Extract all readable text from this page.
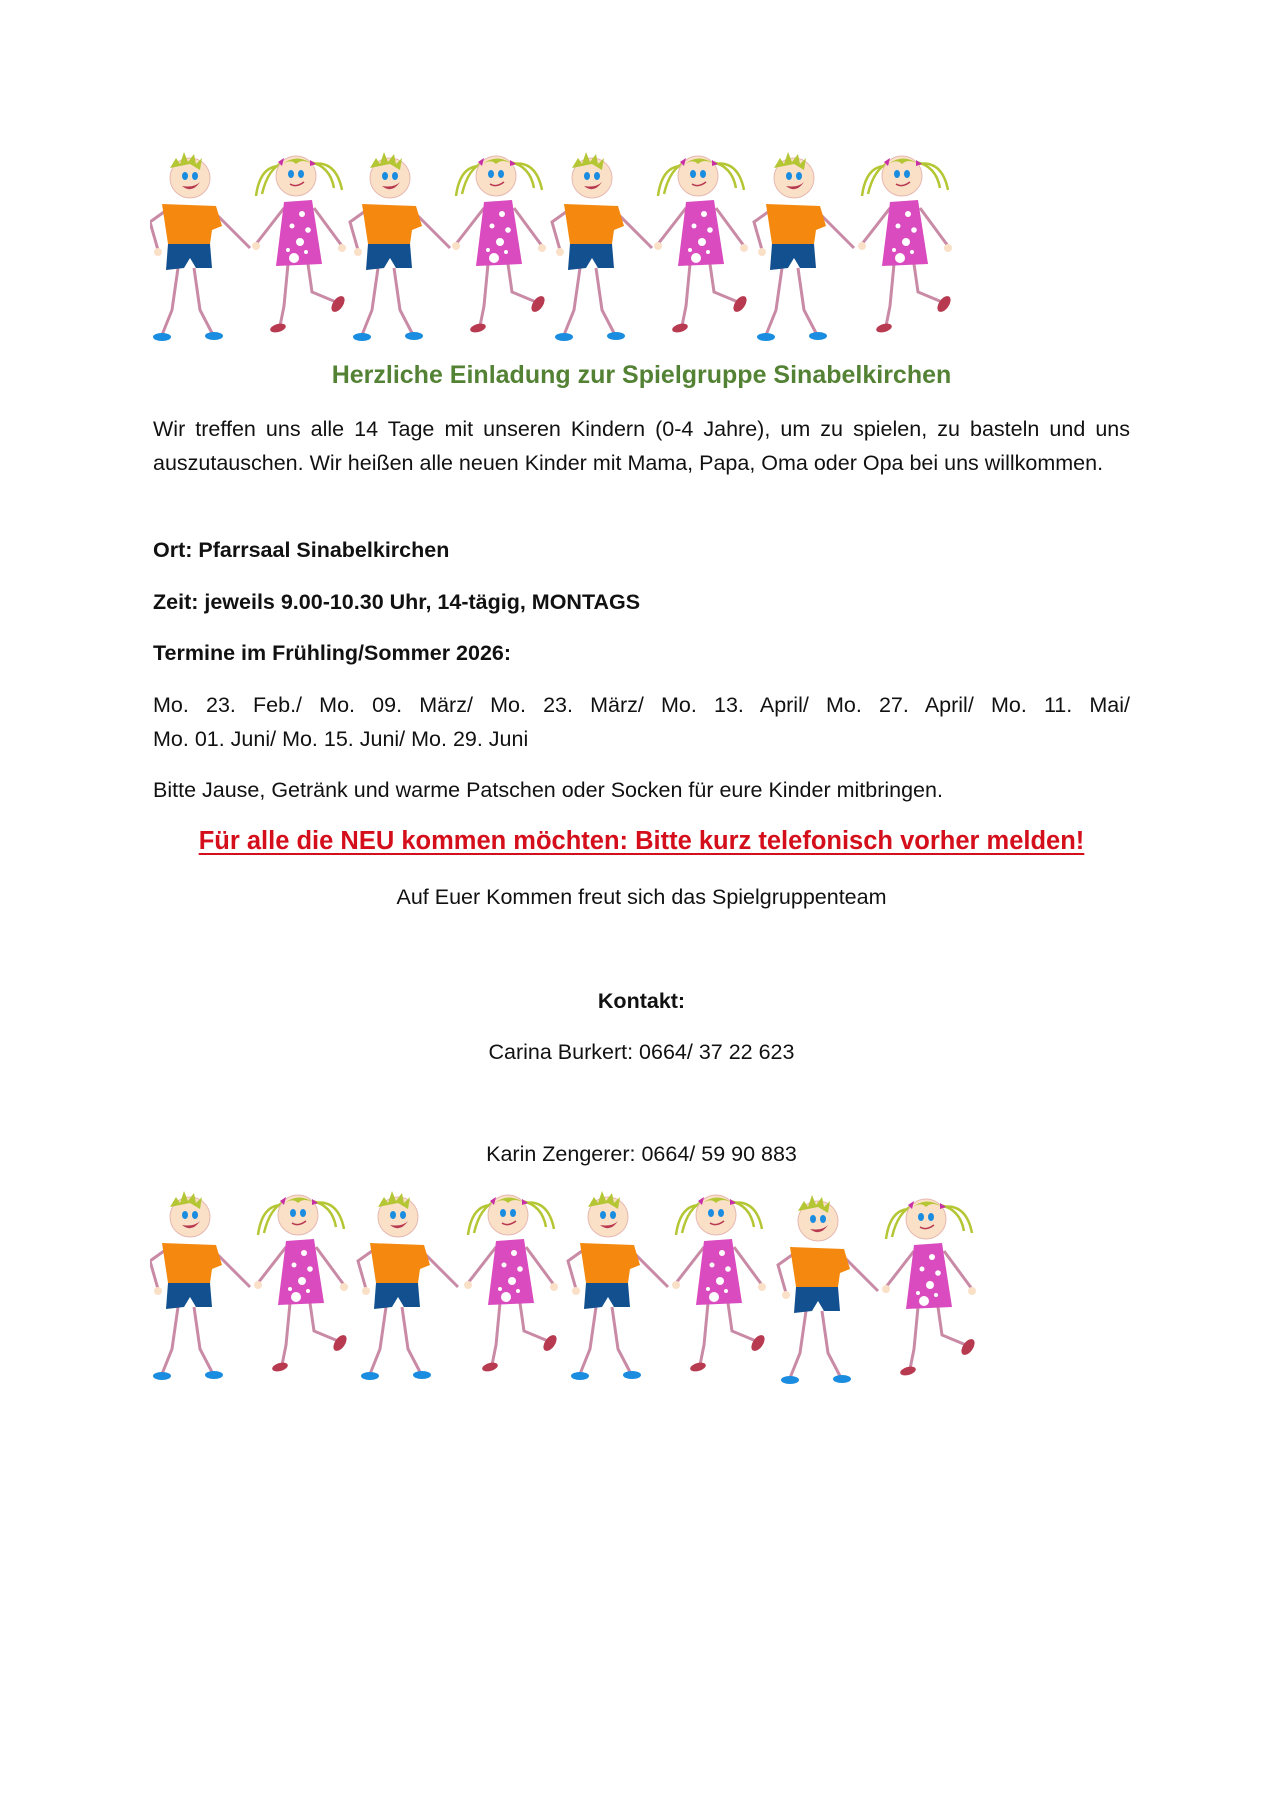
Herzliche Einladung zur Spielgruppe Sinabelkirchen
Wir treffen uns alle 14 Tage mit unseren Kindern (0-4 Jahre), um zu spielen, zu basteln und uns auszutauschen. Wir heißen alle neuen Kinder mit Mama, Papa, Oma oder Opa bei uns willkommen.
Ort: Pfarrsaal Sinabelkirchen
Zeit: jeweils 9.00-10.30 Uhr, 14-tägig, MONTAGS
Termine im Frühling/Sommer 2026:
Mo. 23. Feb./ Mo. 09. März/ Mo. 23. März/ Mo. 13. April/ Mo. 27. April/ Mo. 11. Mai/
Mo. 01. Juni/ Mo. 15. Juni/ Mo. 29. Juni
Bitte Jause, Getränk und warme Patschen oder Socken für eure Kinder mitbringen.
Für alle die NEU kommen möchten: Bitte kurz telefonisch vorher melden!
Auf Euer Kommen freut sich das Spielgruppenteam
Kontakt:
Carina Burkert: 0664/ 37 22 623
Karin Zengerer: 0664/ 59 90 883
